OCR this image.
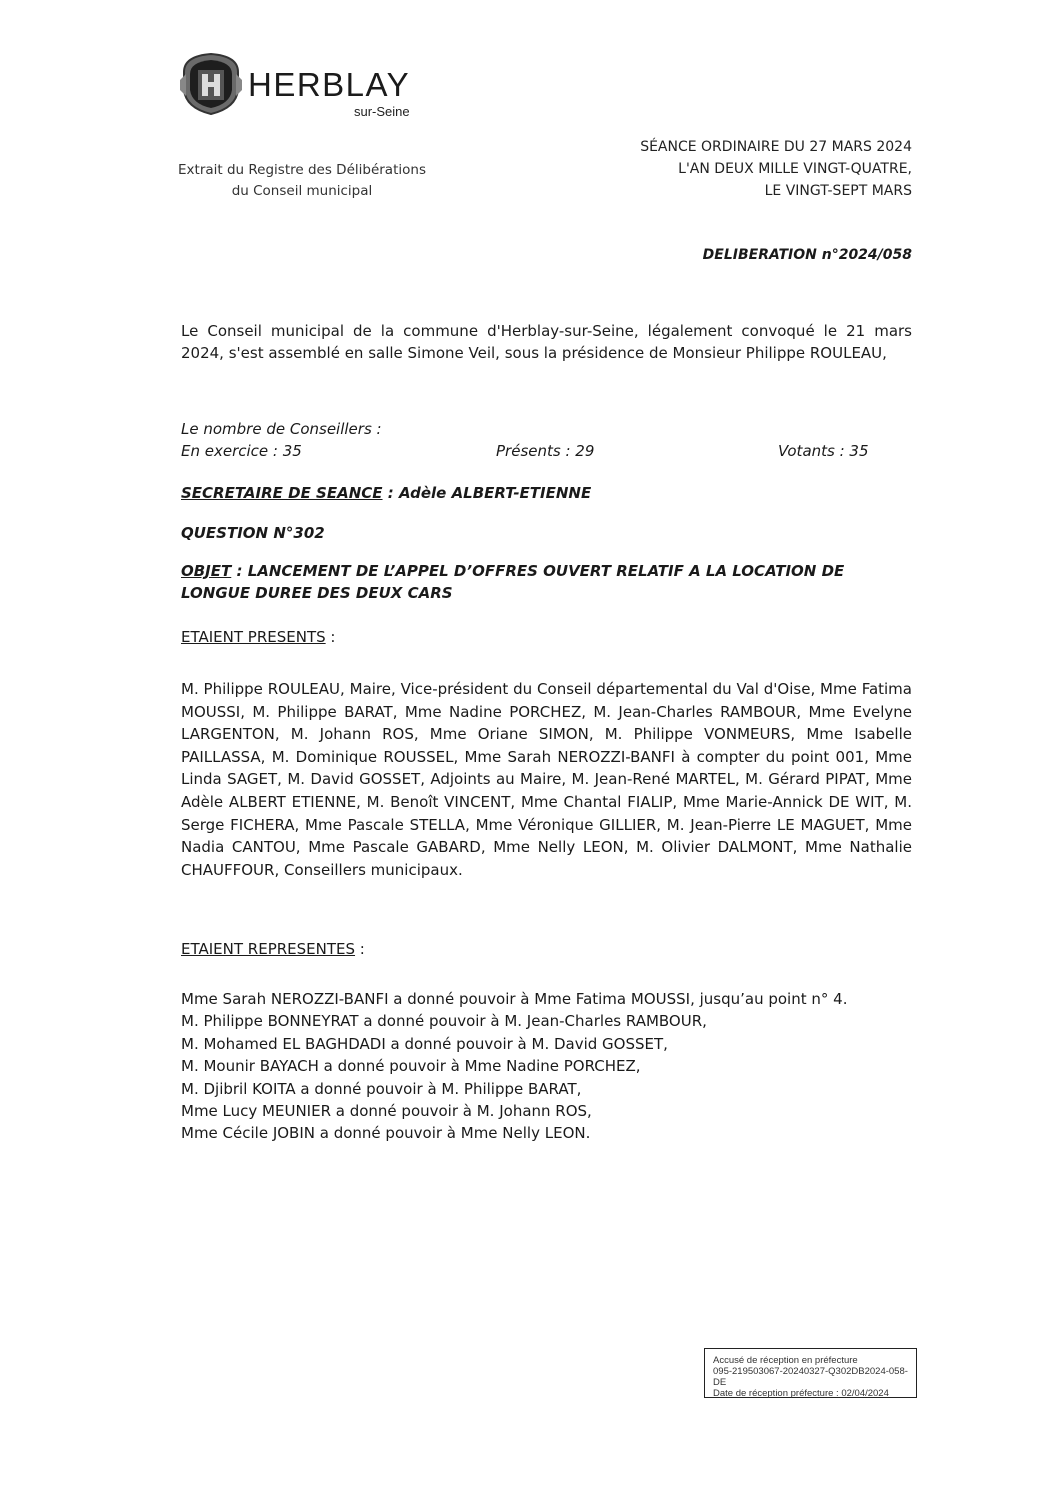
HERBLAY
sur-Seine
Extrait du Registre des Délibérations
du Conseil municipal
SÉANCE ORDINAIRE DU 27 MARS 2024
L'AN DEUX MILLE VINGT-QUATRE,
LE VINGT-SEPT MARS
DELIBERATION n°2024/058
Le Conseil municipal de la commune d'Herblay-sur-Seine, légalement convoqué le 21 mars 2024, s'est assemblé en salle Simone Veil, sous la présidence de Monsieur Philippe ROULEAU,
Le nombre de Conseillers :
En exercice : 35	Présents : 29	Votants : 35
SECRETAIRE DE SEANCE : Adèle ALBERT-ETIENNE
QUESTION N°302
OBJET : LANCEMENT DE L’APPEL D’OFFRES OUVERT RELATIF A LA LOCATION DE LONGUE DUREE DES DEUX CARS
ETAIENT PRESENTS :
M. Philippe ROULEAU, Maire, Vice-président du Conseil départemental du Val d'Oise, Mme Fatima MOUSSI, M. Philippe BARAT, Mme Nadine PORCHEZ, M. Jean-Charles RAMBOUR, Mme Evelyne LARGENTON, M. Johann ROS, Mme Oriane SIMON, M. Philippe VONMEURS, Mme Isabelle PAILLASSA, M. Dominique ROUSSEL, Mme Sarah NEROZZI-BANFI à compter du point 001, Mme Linda SAGET, M. David GOSSET, Adjoints au Maire, M. Jean-René MARTEL, M. Gérard PIPAT, Mme Adèle ALBERT ETIENNE, M. Benoît VINCENT, Mme Chantal FIALIP, Mme Marie-Annick DE WIT, M. Serge FICHERA, Mme Pascale STELLA, Mme Véronique GILLIER, M. Jean-Pierre LE MAGUET, Mme Nadia CANTOU, Mme Pascale GABARD, Mme Nelly LEON, M. Olivier DALMONT, Mme Nathalie CHAUFFOUR, Conseillers municipaux.
ETAIENT REPRESENTES :
Mme Sarah NEROZZI-BANFI a donné pouvoir à Mme Fatima MOUSSI, jusqu’au point n° 4.
M. Philippe BONNEYRAT a donné pouvoir à M. Jean-Charles RAMBOUR,
M. Mohamed EL BAGHDADI a donné pouvoir à M. David GOSSET,
M. Mounir BAYACH a donné pouvoir à Mme Nadine PORCHEZ,
M. Djibril KOITA a donné pouvoir à M. Philippe BARAT,
Mme Lucy MEUNIER a donné pouvoir à M. Johann ROS,
Mme Cécile JOBIN a donné pouvoir à Mme Nelly LEON.
Accusé de réception en préfecture
095-219503067-20240327-Q302DB2024-058-DE
Date de réception préfecture : 02/04/2024
